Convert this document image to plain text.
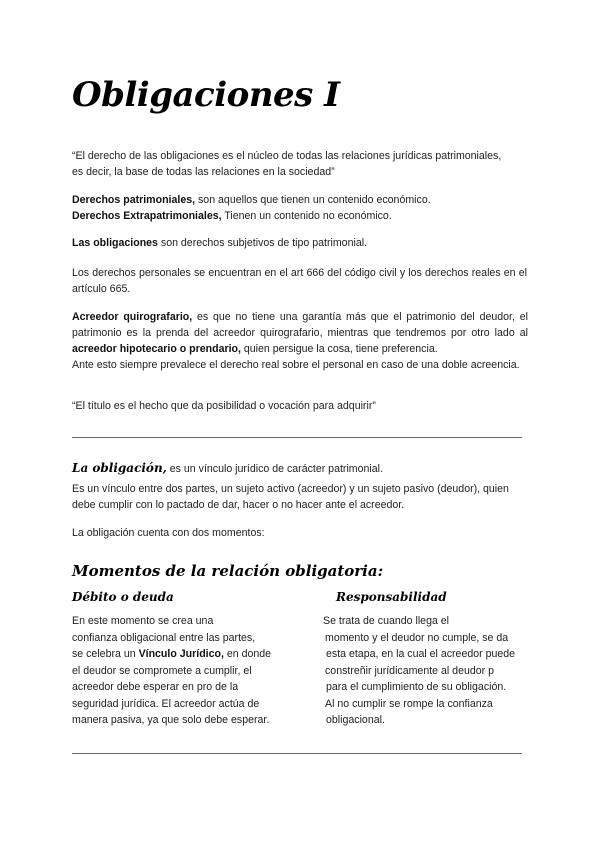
Obligaciones I

“El derecho de las obligaciones es el núcleo de todas las relaciones jurídicas patrimoniales,
es decir, la base de todas las relaciones en la sociedad”

Derechos patrimoniales, son aquellos que tienen un contenido económico.
Derechos Extrapatrimoniales, Tienen un contenido no económico.

Las obligaciones son derechos subjetivos de tipo patrimonial.

Los derechos personales se encuentran en el art 666 del código civil y los derechos reales en el artículo 665.

Acreedor quirografario, es que no tiene una garantía más que el patrimonio del deudor, el patrimonio es la prenda del acreedor quirografario, mientras que tendremos por otro lado al acreedor hipotecario o prendario, quien persigue la cosa, tiene preferencia.
Ante esto siempre prevalece el derecho real sobre el personal en caso de una doble acreencia.

“El título es el hecho que da posibilidad o vocación para adquirir”

La obligación, es un vínculo jurídico de carácter patrimonial.

Es un vínculo entre dos partes, un sujeto activo (acreedor) y un sujeto pasivo (deudor), quien debe cumplir con lo pactado de dar, hacer o no hacer ante el acreedor.

La obligación cuenta con dos momentos:

Momentos de la relación obligatoria:
Débito o deuda	Responsabilidad

En este momento se crea una

confianza obligacional entre las partes,

se celebra un Vínculo Jurídico, en donde

el deudor se compromete a cumplir, el

acreedor debe esperar en pro de la

seguridad jurídica. El acreedor actúa de

manera pasiva, ya que solo debe esperar.

Se trata de cuando llega el

momento y el deudor no cumple, se da

esta etapa, en la cual el acreedor puede

constreñir jurídicamente al deudor p

para el cumplimiento de su obligación.

Al no cumplir se rompe la confianza

obligacional.
